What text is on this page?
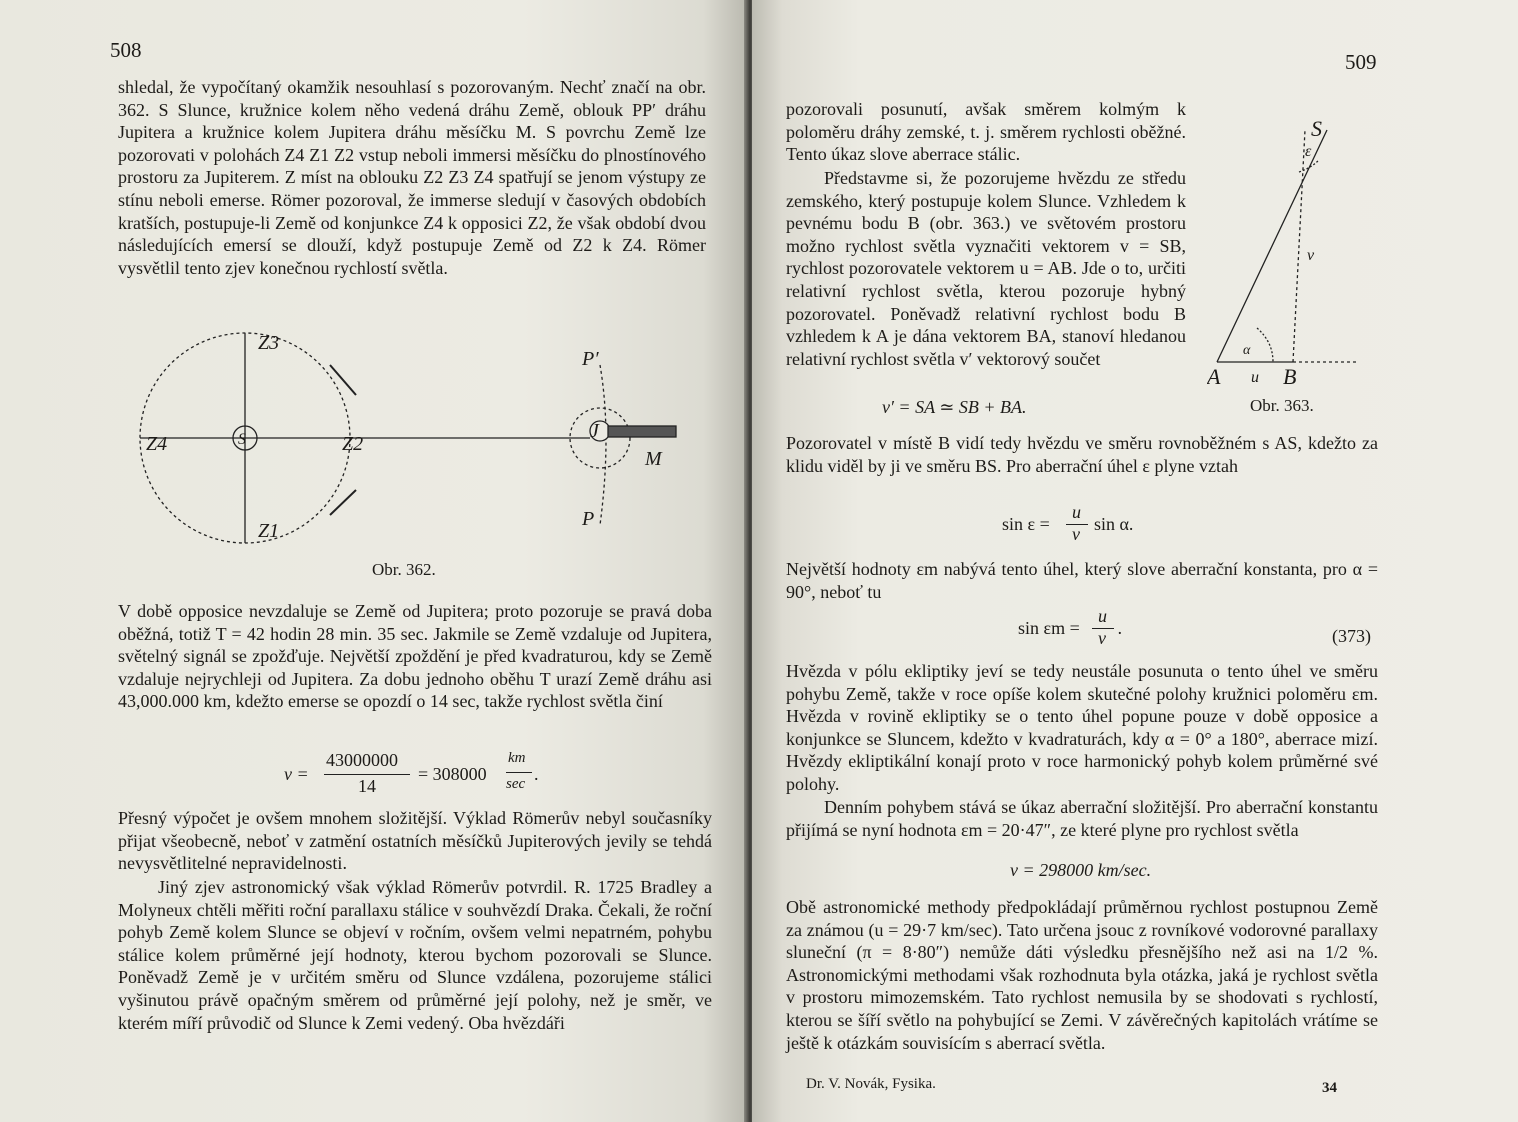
508

shledal, že vypočítaný okamžik nesouhlasí s pozorovaným. Nechť značí na obr. 362. S Slunce, kružnice kolem něho vedená dráhu Země, oblouk PP′ dráhu Jupitera a kružnice kolem Jupitera dráhu měsíčku M. S povrchu Země lze pozorovati v polohách Z4 Z1 Z2 vstup neboli immersi měsíčku do plnostínového prostoru za Jupiterem. Z míst na oblouku Z2 Z3 Z4 spatřují se jenom výstupy ze stínu neboli emerse. Römer pozoroval, že immerse sledují v časových obdobích kratších, postupuje-li Země od konjunkce Z4 k opposici Z2, že však období dvou následujících emersí se dlouží, když postupuje Země od Z2 k Z4. Römer vysvětlil tento zjev konečnou rychlostí světla.

Z3
Z4	Z2
Z1
S
P′
P
J
M
Obr. 362.

V době opposice nevzdaluje se Země od Jupitera; proto pozoruje se pravá doba oběžná, totiž T = 42 hodin 28 min. 35 sec. Jakmile se Země vzdaluje od Jupitera, světelný signál se zpožďuje. Největší zpoždění je před kvadraturou, kdy se Země vzdaluje nejrychleji od Jupitera. Za dobu jednoho oběhu T urazí Země dráhu asi 43,000.000 km, kdežto emerse se opozdí o 14 sec, takže rychlost světla činí

v =
43000000
14
= 308000
km
sec .

Přesný výpočet je ovšem mnohem složitější. Výklad Römerův nebyl současníky přijat všeobecně, neboť v zatmění ostatních měsíčků Jupiterových jevily se tehdá nevysvětlitelné nepravidelnosti.

Jiný zjev astronomický však výklad Römerův potvrdil. R. 1725 Bradley a Molyneux chtěli měřiti roční parallaxu stálice v souhvězdí Draka. Čekali, že roční pohyb Země kolem Slunce se objeví v ročním, ovšem velmi nepatrném, pohybu stálice kolem průměrné její hodnoty, kterou bychom pozorovali se Slunce. Poněvadž Země je v určitém směru od Slunce vzdálena, pozorujeme stálici vyšinutou právě opačným směrem od průměrné její polohy, než je směr, ve kterém míří průvodič od Slunce k Zemi vedený. Oba hvězdáři

509

pozorovali posunutí, avšak směrem kolmým k poloměru dráhy zemské, t. j. směrem rychlosti oběžné. Tento úkaz slove aberrace stálic.

Představme si, že pozorujeme hvězdu ze středu zemského, který postupuje kolem Slunce. Vzhledem k pevnému bodu B (obr. 363.) ve světovém prostoru možno rychlost světla vyznačiti vektorem v = SB, rychlost pozorovatele vektorem u = AB. Jde o to, určiti relativní rychlost světla, kterou pozoruje hybný pozorovatel. Poněvadž relativní rychlost bodu B vzhledem k A je dána vektorem BA, stanoví hledanou relativní rychlost světla v′ vektorový součet

v′ = SA ≃ SB + BA.
S
ε
v
α
A u B
Obr. 363.

Pozorovatel v místě B vidí tedy hvězdu ve směru rovnoběžném s AS, kdežto za klidu viděl by ji ve směru BS. Pro aberrační úhel ε plyne vztah

sin ε =
u
v sin α.

Největší hodnoty εm nabývá tento úhel, který slove aberrační konstanta, pro α = 90°, neboť tu

sin εm =
u
v .	(373)

Hvězda v pólu ekliptiky jeví se tedy neustále posunuta o tento úhel ve směru pohybu Země, takže v roce opíše kolem skutečné polohy kružnici poloměru εm. Hvězda v rovině ekliptiky se o tento úhel popune pouze v době opposice a konjunkce se Sluncem, kdežto v kvadraturách, kdy α = 0° a 180°, aberrace mizí. Hvězdy ekliptikální konají proto v roce harmonický pohyb kolem průměrné své polohy.

Denním pohybem stává se úkaz aberrační složitější. Pro aberrační konstantu přijímá se nyní hodnota εm = 20·47″, ze které plyne pro rychlost světla

v = 298000 km/sec.

Obě astronomické methody předpokládají průměrnou rychlost postupnou Země za známou (u = 29·7 km/sec). Tato určena jsouc z rovníkové vodorovné parallaxy sluneční (π = 8·80″) nemůže dáti výsledku přesnějšího než asi na 1/2 %. Astronomickými methodami však rozhodnuta byla otázka, jaká je rychlost světla v prostoru mimozemském. Tato rychlost nemusila by se shodovati s rychlostí, kterou se šíří světlo na pohybující se Zemi. V závěrečných kapitolách vrátíme se ještě k otázkám souvisícím s aberrací světla.

Dr. V. Novák, Fysika.	34
